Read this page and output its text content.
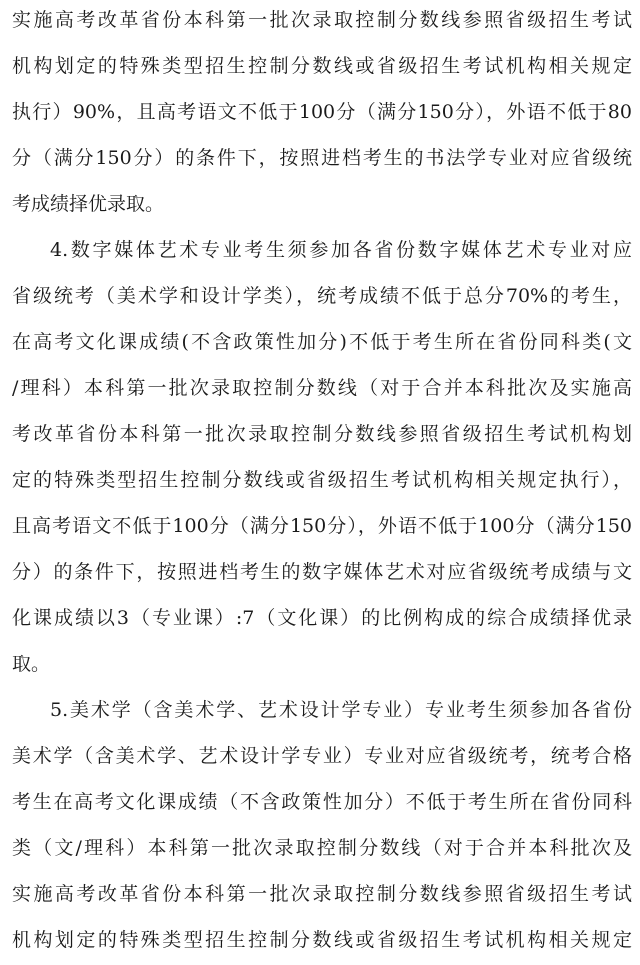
实施高考改革省份本科第一批次录取控制分数线参照省级招生考试
机构划定的特殊类型招生控制分数线或省级招生考试机构相关规定
执行）90%，且高考语文不低于100分（满分150分），外语不低于80
分（满分150分）的条件下，按照进档考生的书法学专业对应省级统
考成绩择优录取。
4.数字媒体艺术专业考生须参加各省份数字媒体艺术专业对应
省级统考（美术学和设计学类），统考成绩不低于总分70%的考生，
在高考文化课成绩(不含政策性加分)不低于考生所在省份同科类(文
/理科）本科第一批次录取控制分数线（对于合并本科批次及实施高
考改革省份本科第一批次录取控制分数线参照省级招生考试机构划
定的特殊类型招生控制分数线或省级招生考试机构相关规定执行），
且高考语文不低于100分（满分150分），外语不低于100分（满分150
分）的条件下，按照进档考生的数字媒体艺术对应省级统考成绩与文
化课成绩以3（专业课）:7（文化课）的比例构成的综合成绩择优录
取。
5.美术学（含美术学、艺术设计学专业）专业考生须参加各省份
美术学（含美术学、艺术设计学专业）专业对应省级统考，统考合格
考生在高考文化课成绩（不含政策性加分）不低于考生所在省份同科
类（文/理科）本科第一批次录取控制分数线（对于合并本科批次及
实施高考改革省份本科第一批次录取控制分数线参照省级招生考试
机构划定的特殊类型招生控制分数线或省级招生考试机构相关规定
